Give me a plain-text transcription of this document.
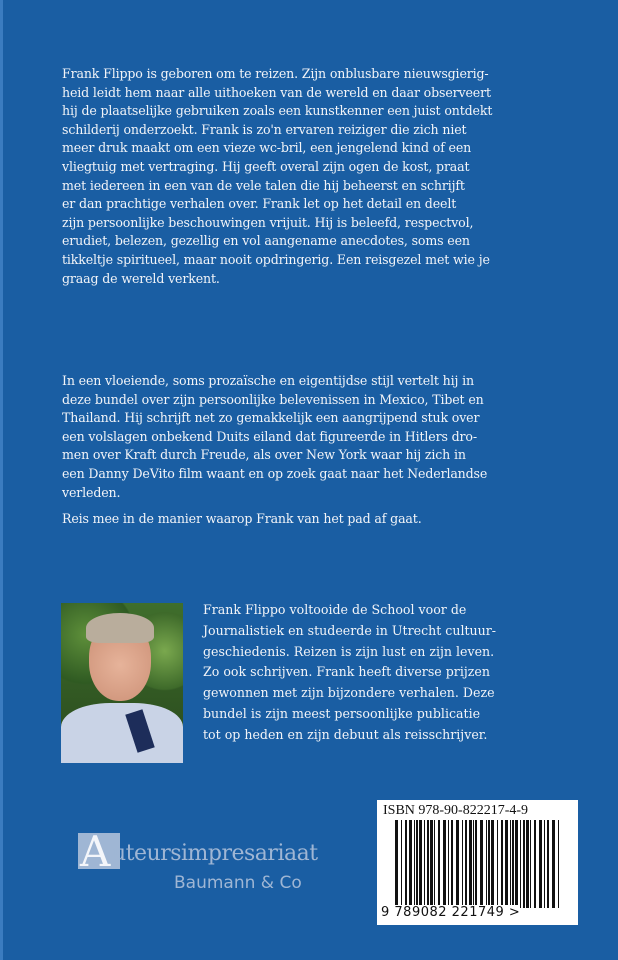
Frank Flippo is geboren om te reizen. Zijn onblusbare nieuwsgierig-
heid leidt hem naar alle uithoeken van de wereld en daar observeert
hij de plaatselijke gebruiken zoals een kunstkenner een juist ontdekt
schilderij onderzoekt. Frank is zo'n ervaren reiziger die zich niet
meer druk maakt om een vieze wc-bril, een jengelend kind of een
vliegtuig met vertraging. Hij geeft overal zijn ogen de kost, praat
met iedereen in een van de vele talen die hij beheerst en schrijft
er dan prachtige verhalen over. Frank let op het detail en deelt
zijn persoonlijke beschouwingen vrijuit. Hij is beleefd, respectvol,
erudiet, belezen, gezellig en vol aangename anecdotes, soms een
tikkeltje spiritueel, maar nooit opdringerig. Een reisgezel met wie je
graag de wereld verkent.
In een vloeiende, soms prozaïsche en eigentijdse stijl vertelt hij in
deze bundel over zijn persoonlijke belevenissen in Mexico, Tibet en
Thailand. Hij schrijft net zo gemakkelijk een aangrijpend stuk over
een volslagen onbekend Duits eiland dat figureerde in Hitlers dro-
men over Kraft durch Freude, als over New York waar hij zich in
een Danny DeVito film waant en op zoek gaat naar het Nederlandse
verleden.
Reis mee in de manier waarop Frank van het pad af gaat.
Frank Flippo voltooide de School voor de
Journalistiek en studeerde in Utrecht cultuur-
geschiedenis. Reizen is zijn lust en zijn leven.
Zo ook schrijven. Frank heeft diverse prijzen
gewonnen met zijn bijzondere verhalen. Deze
bundel is zijn meest persoonlijke publicatie
tot op heden en zijn debuut als reisschrijver.
A uteursimpresariaat
Baumann & Co
ISBN 978-90-822217-4-9
9 789082 221749 >
